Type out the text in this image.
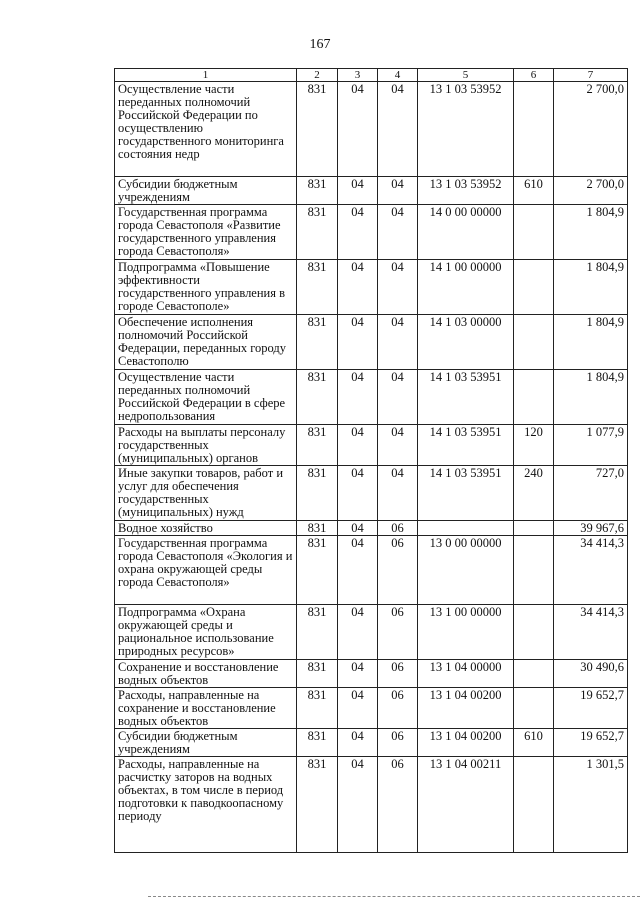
167
1	2	3	4	5	6	7
Осуществление части переданных полномочий Российской Федерации по осуществлению государственного мониторинга состояния недр	831	04	04	13 1 03 53952		2 700,0
Субсидии бюджетным учреждениям	831	04	04	13 1 03 53952	610	2 700,0
Государственная программа города Севастополя «Развитие государственного управления города Севастополя»	831	04	04	14 0 00 00000		1 804,9
Подпрограмма «Повышение эффективности государственного управления в городе Севастополе»	831	04	04	14 1 00 00000		1 804,9
Обеспечение исполнения полномочий Российской Федерации, переданных городу Севастополю	831	04	04	14 1 03 00000		1 804,9
Осуществление части переданных полномочий Российской Федерации в сфере недропользования	831	04	04	14 1 03 53951		1 804,9
Расходы на выплаты персоналу государственных (муниципальных) органов	831	04	04	14 1 03 53951	120	1 077,9
Иные закупки товаров, работ и услуг для обеспечения государственных (муниципальных) нужд	831	04	04	14 1 03 53951	240	727,0
Водное хозяйство	831	04	06			39 967,6
Государственная программа города Севастополя «Экология и охрана окружающей среды города Севастополя»	831	04	06	13 0 00 00000		34 414,3
Подпрограмма «Охрана окружающей среды и рациональное использование природных ресурсов»	831	04	06	13 1 00 00000		34 414,3
Сохранение и восстановление водных объектов	831	04	06	13 1 04 00000		30 490,6
Расходы, направленные на сохранение и восстановление водных объектов	831	04	06	13 1 04 00200		19 652,7
Субсидии бюджетным учреждениям	831	04	06	13 1 04 00200	610	19 652,7
Расходы, направленные на расчистку заторов на водных объектах, в том числе в период подготовки к паводкоопасному периоду	831	04	06	13 1 04 00211		1 301,5
